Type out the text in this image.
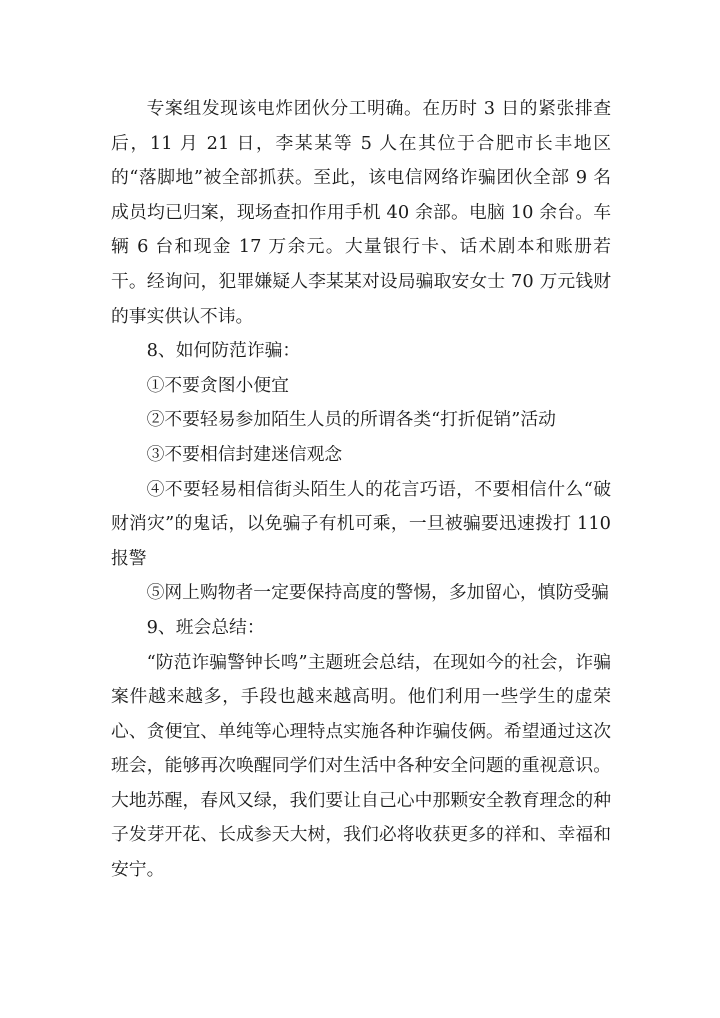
专案组发现该电炸团伙分工明确。在历时 3 日的紧张排查后，11 月 21 日，李某某等 5 人在其位于合肥市长丰地区的“落脚地”被全部抓获。至此，该电信网络诈骗团伙全部 9 名成员均已归案，现场查扣作用手机 40 余部。电脑 10 余台。车辆 6 台和现金 17 万余元。大量银行卡、话术剧本和账册若干。经询问，犯罪嫌疑人李某某对设局骗取安女士 70 万元钱财的事实供认不讳。

8、如何防范诈骗：

①不要贪图小便宜

②不要轻易参加陌生人员的所谓各类“打折促销”活动

③不要相信封建迷信观念

④不要轻易相信街头陌生人的花言巧语，不要相信什么“破财消灾”的鬼话，以免骗子有机可乘，一旦被骗要迅速拨打 110 报警

⑤网上购物者一定要保持高度的警惕，多加留心，慎防受骗

9、班会总结：

“防范诈骗警钟长鸣”主题班会总结，在现如今的社会，诈骗案件越来越多，手段也越来越高明。他们利用一些学生的虚荣心、贪便宜、单纯等心理特点实施各种诈骗伎俩。希望通过这次班会，能够再次唤醒同学们对生活中各种安全问题的重视意识。大地苏醒，春风又绿，我们要让自己心中那颗安全教育理念的种子发芽开花、长成参天大树，我们必将收获更多的祥和、幸福和安宁。
